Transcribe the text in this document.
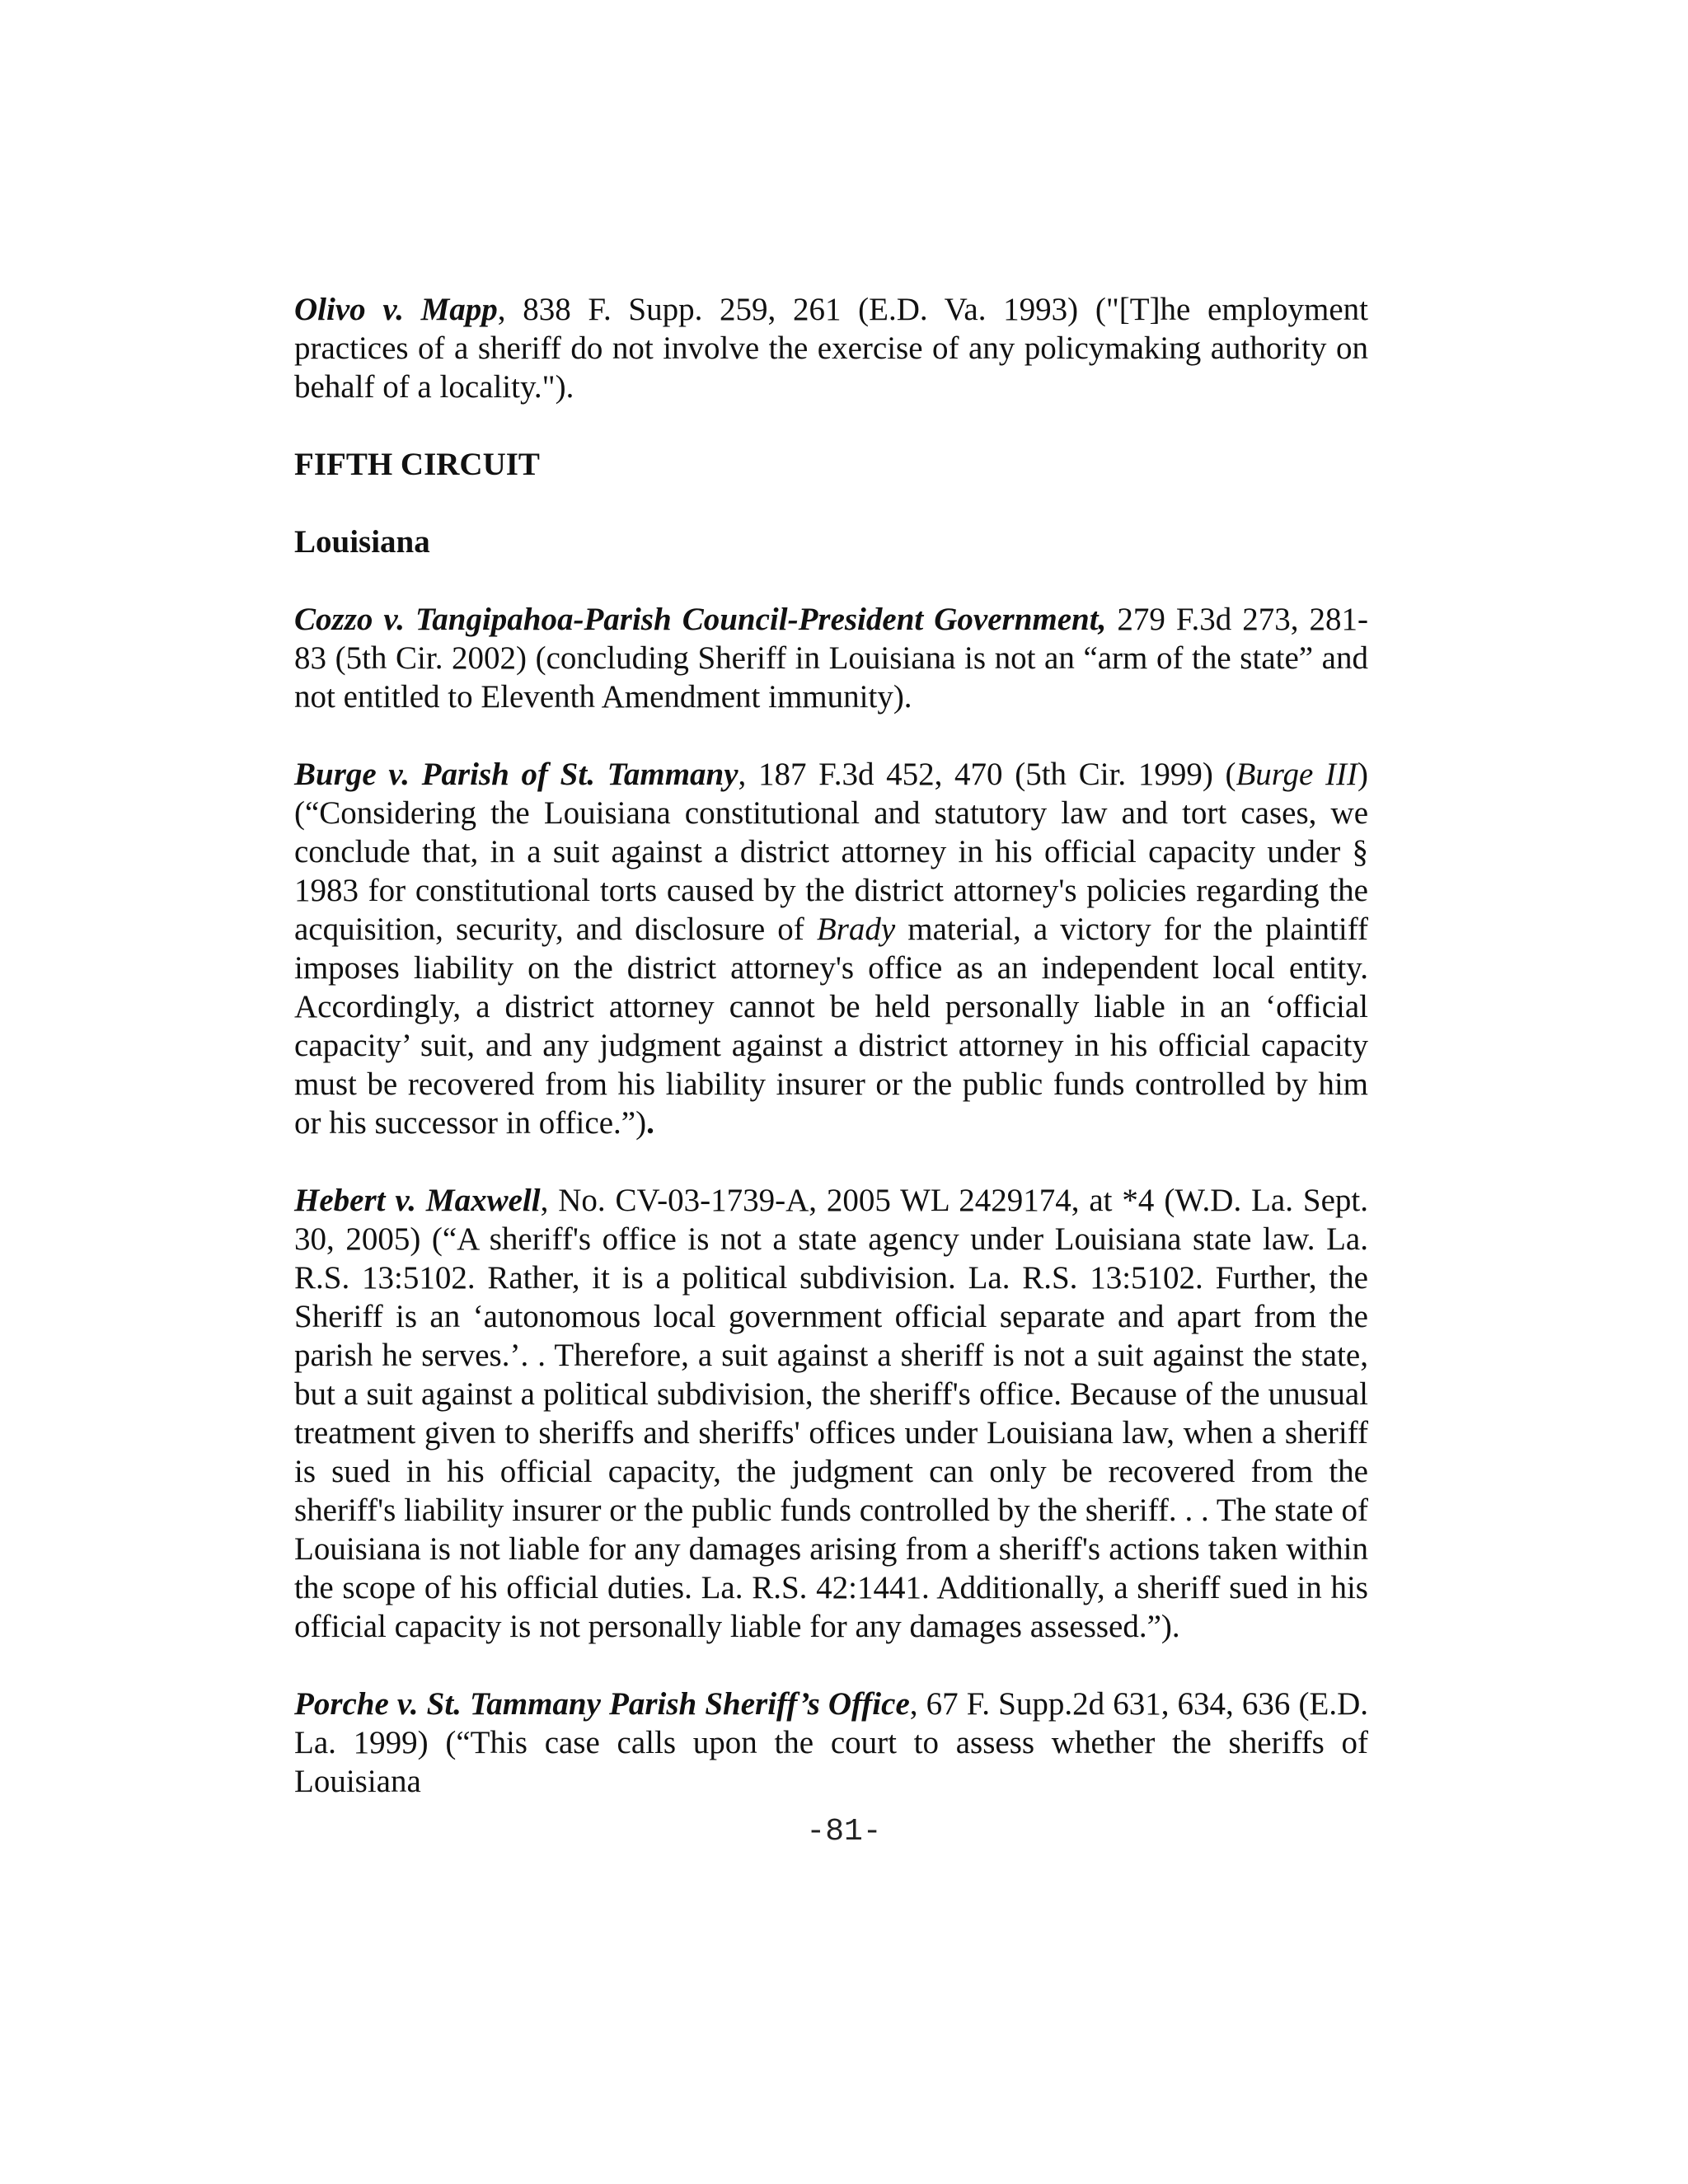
Olivo v. Mapp, 838 F. Supp. 259, 261 (E.D. Va. 1993) ("[T]he employment practices of a sheriff do not involve the exercise of any policymaking authority on behalf of a locality.").

FIFTH CIRCUIT

Louisiana

Cozzo v. Tangipahoa-Parish Council-President Government, 279 F.3d 273, 281-83 (5th Cir. 2002) (concluding Sheriff in Louisiana is not an “arm of the state” and not entitled to Eleventh Amendment immunity).

Burge v. Parish of St. Tammany, 187 F.3d 452, 470 (5th Cir. 1999) (Burge III) (“Considering the Louisiana constitutional and statutory law and tort cases, we conclude that, in a suit against a district attorney in his official capacity under § 1983 for constitutional torts caused by the district attorney's policies regarding the acquisition, security, and disclosure of Brady material, a victory for the plaintiff imposes liability on the district attorney's office as an independent local entity. Accordingly, a district attorney cannot be held personally liable in an ‘official capacity’ suit, and any judgment against a district attorney in his official capacity must be recovered from his liability insurer or the public funds controlled by him or his successor in office.”).

Hebert v. Maxwell, No. CV-03-1739-A, 2005 WL 2429174, at *4 (W.D. La. Sept. 30, 2005) (“A sheriff's office is not a state agency under Louisiana state law. La. R.S. 13:5102. Rather, it is a political subdivision. La. R.S. 13:5102. Further, the Sheriff is an ‘autonomous local government official separate and apart from the parish he serves.’. . Therefore, a suit against a sheriff is not a suit against the state, but a suit against a political subdivision, the sheriff's office. Because of the unusual treatment given to sheriffs and sheriffs' offices under Louisiana law, when a sheriff is sued in his official capacity, the judgment can only be recovered from the sheriff's liability insurer or the public funds controlled by the sheriff. . . The state of Louisiana is not liable for any damages arising from a sheriff's actions taken within the scope of his official duties. La. R.S. 42:1441. Additionally, a sheriff sued in his official capacity is not personally liable for any damages assessed.”).

Porche v. St. Tammany Parish Sheriff’s Office, 67 F. Supp.2d 631, 634, 636 (E.D. La. 1999) (“This case calls upon the court to assess whether the sheriffs of Louisiana

-81-
